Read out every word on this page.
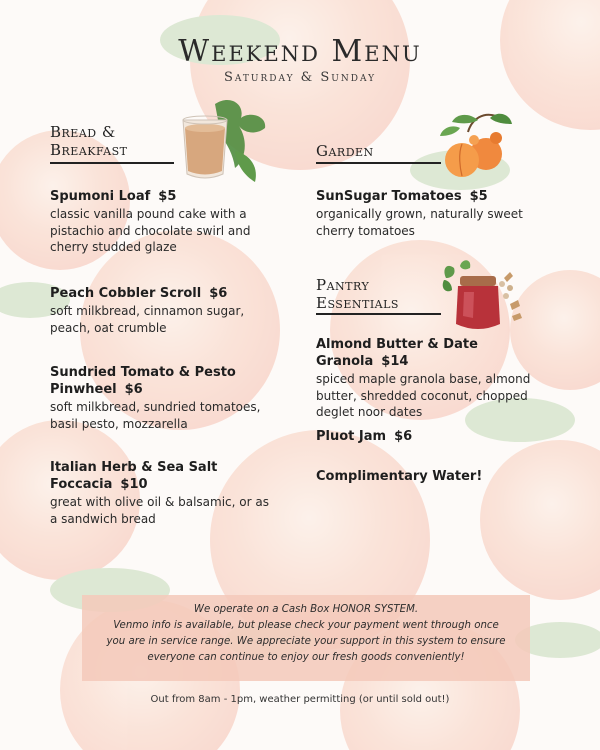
Weekend Menu
Saturday & Sunday
Bread &
Breakfast
Spumoni Loaf $5
classic vanilla pound cake with a pistachio and chocolate swirl and cherry studded glaze
Peach Cobbler Scroll $6
soft milkbread, cinnamon sugar, peach, oat crumble
Sundried Tomato & Pesto
Pinwheel $6
soft milkbread, sundried tomatoes, basil pesto, mozzarella
Italian Herb & Sea Salt
Foccacia $10
great with olive oil & balsamic, or as a sandwich bread
Garden
SunSugar Tomatoes $5
organically grown, naturally sweet cherry tomatoes
Pantry
Essentials
Almond Butter & Date
Granola $14
spiced maple granola base, almond butter, shredded coconut, chopped deglet noor dates
Pluot Jam $6
Complimentary Water!
We operate on a Cash Box HONOR SYSTEM.
Venmo info is available, but please check your payment went through once
you are in service range. We appreciate your support in this system to ensure
everyone can continue to enjoy our fresh goods conveniently!
Out from 8am - 1pm, weather permitting (or until sold out!)
